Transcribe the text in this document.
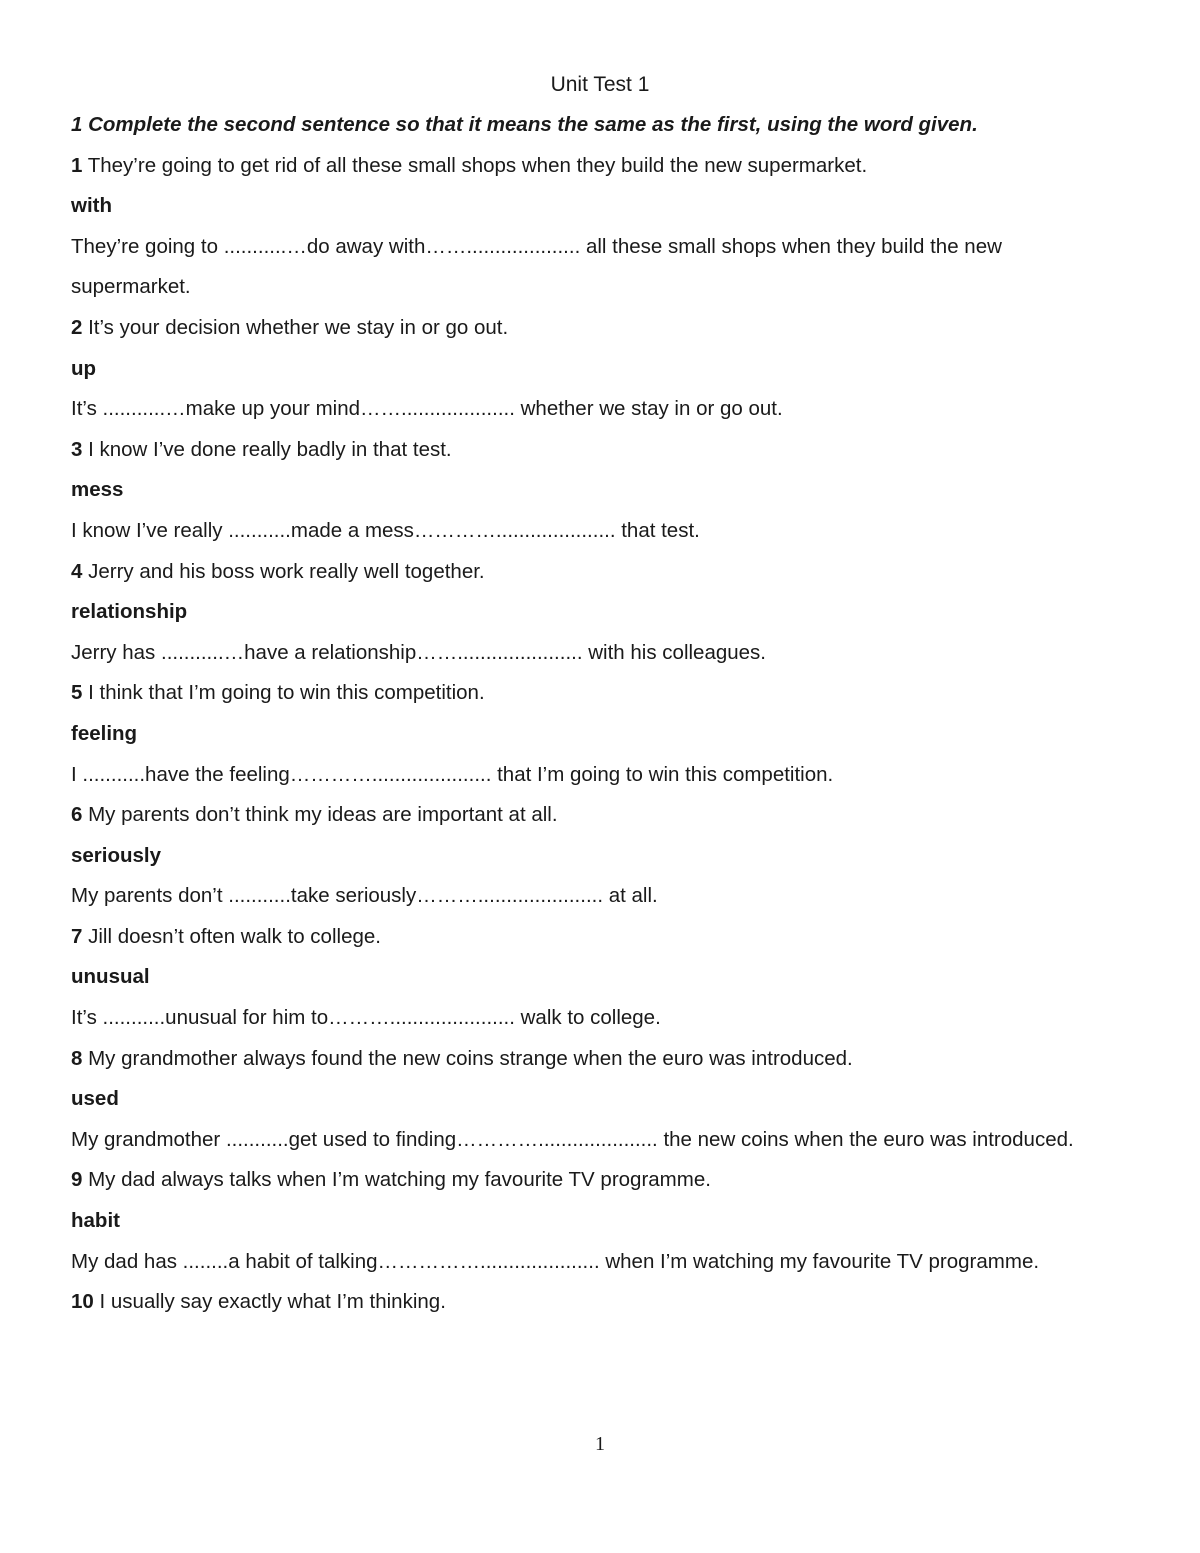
Unit Test 1
1 Complete the second sentence so that it means the same as the first, using the word given.
1 They’re going to get rid of all these small shops when they build the new supermarket.
with
They’re going to ...........…do away with…….................... all these small shops when they build the new supermarket.
2 It’s your decision whether we stay in or go out.
up
It’s ...........…make up your mind…….................... whether we stay in or go out.
3 I know I’ve done really badly in that test.
mess
I know I’ve really ...........made a mess…………..................... that test.
4 Jerry and his boss work really well together.
relationship
Jerry has ...........…have a relationship……...................... with his colleagues.
5 I think that I’m going to win this competition.
feeling
I ...........have the feeling…………..................... that I’m going to win this competition.
6 My parents don’t think my ideas are important at all.
seriously
My parents don’t ...........take seriously………...................... at all.
7 Jill doesn’t often walk to college.
unusual
It’s ...........unusual for him to………...................... walk to college.
8 My grandmother always found the new coins strange when the euro was introduced.
used
My grandmother ...........get used to finding…………..................... the new coins when the euro was introduced.
9 My dad always talks when I’m watching my favourite TV programme.
habit
My dad has ........a habit of talking……………..................... when I’m watching my favourite TV programme.
10 I usually say exactly what I’m thinking.
1
